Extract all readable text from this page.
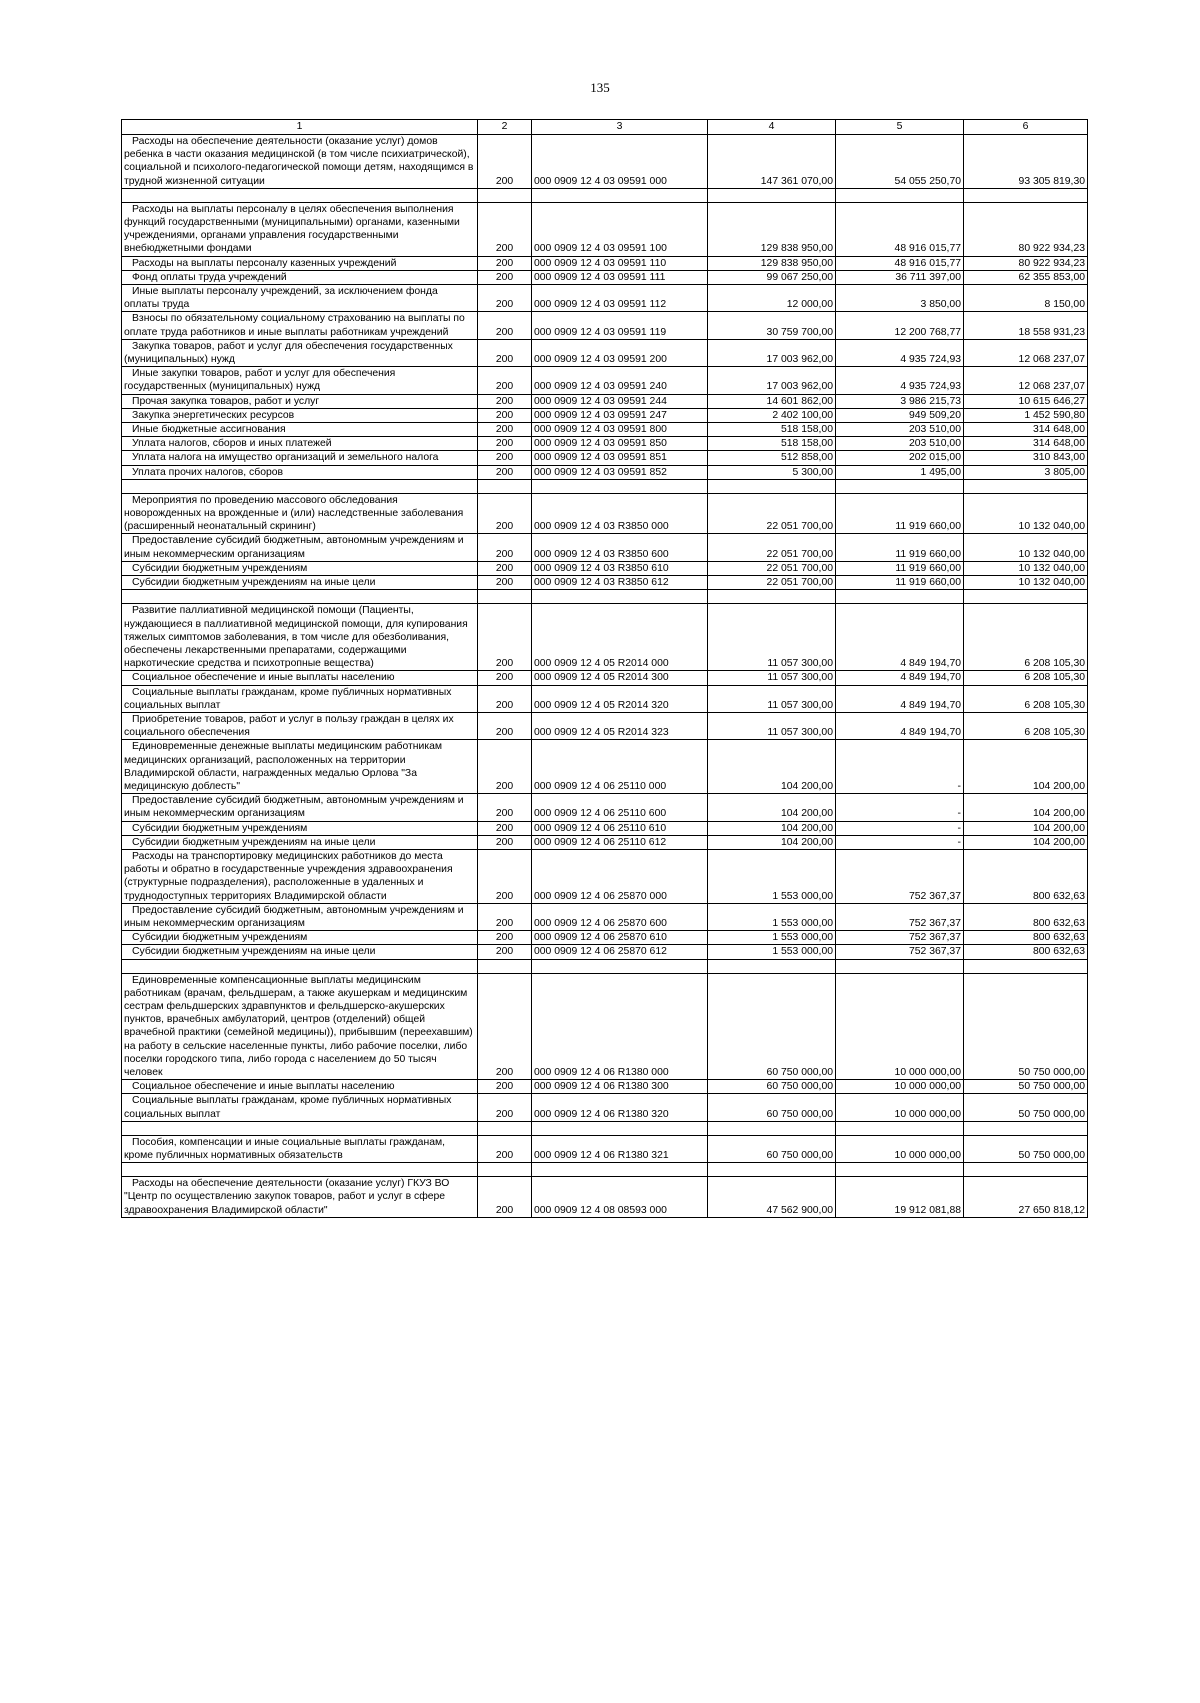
135
1	2	3	4	5	6

Расходы на обеспечение деятельности (оказание услуг) домов ребенка в части оказания медицинской (в том числе психиатрической), социальной и психолого-педагогической помощи детям, находящимся в трудной жизненной ситуации	200	000 0909 12 4 03 09591 000	147 361 070,00	54 055 250,70	93 305 819,30

Расходы на выплаты персоналу в целях обеспечения выполнения функций государственными (муниципальными) органами, казенными учреждениями, органами управления государственными внебюджетными фондами	200	000 0909 12 4 03 09591 100	129 838 950,00	48 916 015,77	80 922 934,23

Расходы на выплаты персоналу казенных учреждений	200	000 0909 12 4 03 09591 110	129 838 950,00	48 916 015,77	80 922 934,23

Фонд оплаты труда учреждений	200	000 0909 12 4 03 09591 111	99 067 250,00	36 711 397,00	62 355 853,00

Иные выплаты персоналу учреждений, за исключением фонда оплаты труда	200	000 0909 12 4 03 09591 112	12 000,00	3 850,00	8 150,00

Взносы по обязательному социальному страхованию на выплаты по оплате труда работников и иные выплаты работникам учреждений	200	000 0909 12 4 03 09591 119	30 759 700,00	12 200 768,77	18 558 931,23

Закупка товаров, работ и услуг для обеспечения государственных (муниципальных) нужд	200	000 0909 12 4 03 09591 200	17 003 962,00	4 935 724,93	12 068 237,07

Иные закупки товаров, работ и услуг для обеспечения государственных (муниципальных) нужд	200	000 0909 12 4 03 09591 240	17 003 962,00	4 935 724,93	12 068 237,07

Прочая закупка товаров, работ и услуг	200	000 0909 12 4 03 09591 244	14 601 862,00	3 986 215,73	10 615 646,27

Закупка энергетических ресурсов	200	000 0909 12 4 03 09591 247	2 402 100,00	949 509,20	1 452 590,80

Иные бюджетные ассигнования	200	000 0909 12 4 03 09591 800	518 158,00	203 510,00	314 648,00

Уплата налогов, сборов и иных платежей	200	000 0909 12 4 03 09591 850	518 158,00	203 510,00	314 648,00

Уплата налога на имущество организаций и земельного налога	200	000 0909 12 4 03 09591 851	512 858,00	202 015,00	310 843,00

Уплата прочих налогов, сборов	200	000 0909 12 4 03 09591 852	5 300,00	1 495,00	3 805,00

Мероприятия по проведению массового обследования новорожденных на врожденные и (или) наследственные заболевания (расширенный неонатальный скрининг)	200	000 0909 12 4 03 R3850 000	22 051 700,00	11 919 660,00	10 132 040,00

Предоставление субсидий бюджетным, автономным учреждениям и иным некоммерческим организациям	200	000 0909 12 4 03 R3850 600	22 051 700,00	11 919 660,00	10 132 040,00

Субсидии бюджетным учреждениям	200	000 0909 12 4 03 R3850 610	22 051 700,00	11 919 660,00	10 132 040,00

Субсидии бюджетным учреждениям на иные цели	200	000 0909 12 4 03 R3850 612	22 051 700,00	11 919 660,00	10 132 040,00

Развитие паллиативной медицинской помощи (Пациенты, нуждающиеся в паллиативной медицинской помощи, для купирования тяжелых симптомов заболевания, в том числе для обезболивания, обеспечены лекарственными препаратами, содержащими наркотические средства и психотропные вещества)	200	000 0909 12 4 05 R2014 000	11 057 300,00	4 849 194,70	6 208 105,30

Социальное обеспечение и иные выплаты населению	200	000 0909 12 4 05 R2014 300	11 057 300,00	4 849 194,70	6 208 105,30

Социальные выплаты гражданам, кроме публичных нормативных социальных выплат	200	000 0909 12 4 05 R2014 320	11 057 300,00	4 849 194,70	6 208 105,30

Приобретение товаров, работ и услуг в пользу граждан в целях их социального обеспечения	200	000 0909 12 4 05 R2014 323	11 057 300,00	4 849 194,70	6 208 105,30

Единовременные денежные выплаты медицинским работникам медицинских организаций, расположенных на территории Владимирской области, награжденных медалью Орлова "За медицинскую доблесть"	200	000 0909 12 4 06 25110 000	104 200,00	-	104 200,00

Предоставление субсидий бюджетным, автономным учреждениям и иным некоммерческим организациям	200	000 0909 12 4 06 25110 600	104 200,00	-	104 200,00

Субсидии бюджетным учреждениям	200	000 0909 12 4 06 25110 610	104 200,00	-	104 200,00

Субсидии бюджетным учреждениям на иные цели	200	000 0909 12 4 06 25110 612	104 200,00	-	104 200,00

Расходы на транспортировку медицинских работников до места работы и обратно в государственные учреждения здравоохранения (структурные подразделения), расположенные в удаленных и труднодоступных территориях Владимирской области	200	000 0909 12 4 06 25870 000	1 553 000,00	752 367,37	800 632,63

Предоставление субсидий бюджетным, автономным учреждениям и иным некоммерческим организациям	200	000 0909 12 4 06 25870 600	1 553 000,00	752 367,37	800 632,63

Субсидии бюджетным учреждениям	200	000 0909 12 4 06 25870 610	1 553 000,00	752 367,37	800 632,63

Субсидии бюджетным учреждениям на иные цели	200	000 0909 12 4 06 25870 612	1 553 000,00	752 367,37	800 632,63

Единовременные компенсационные выплаты медицинским работникам (врачам, фельдшерам, а также акушеркам и медицинским сестрам фельдшерских здравпунктов и фельдшерско-акушерских пунктов, врачебных амбулаторий, центров (отделений) общей врачебной практики (семейной медицины)), прибывшим (переехавшим) на работу в сельские населенные пункты, либо рабочие поселки, либо поселки городского типа, либо города с населением до 50 тысяч человек	200	000 0909 12 4 06 R1380 000	60 750 000,00	10 000 000,00	50 750 000,00

Социальное обеспечение и иные выплаты населению	200	000 0909 12 4 06 R1380 300	60 750 000,00	10 000 000,00	50 750 000,00

Социальные выплаты гражданам, кроме публичных нормативных социальных выплат	200	000 0909 12 4 06 R1380 320	60 750 000,00	10 000 000,00	50 750 000,00

Пособия, компенсации и иные социальные выплаты гражданам, кроме публичных нормативных обязательств	200	000 0909 12 4 06 R1380 321	60 750 000,00	10 000 000,00	50 750 000,00

Расходы на обеспечение деятельности (оказание услуг) ГКУЗ ВО "Центр по осуществлению закупок товаров, работ и услуг в сфере здравоохранения Владимирской области"	200	000 0909 12 4 08 08593 000	47 562 900,00	19 912 081,88	27 650 818,12
